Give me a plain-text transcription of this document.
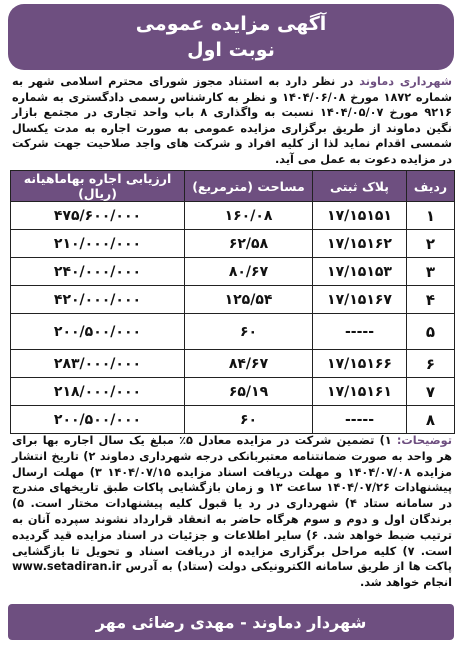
آگهی مزایده عمومی
نوبت اول
شهرداری دماوند در نظر دارد به استناد مجوز شورای محترم اسلامی شهر به شماره ۱۸۷۲ مورخ ۱۴۰۴/۰۶/۰۸ و نظر به کارشناس رسمی دادگستری به شماره ۹۲۱۶ مورخ ۱۴۰۴/۰۵/۰۷ نسبت به واگذاری ۸ باب واحد تجاری در مجتمع بازار نگین دماوند از طریق برگزاری مزایده عمومی به صورت اجاره به مدت یکسال شمسی اقدام نماید لذا از کلیه افراد و شرکت های واجد صلاحیت جهت شرکت در مزایده دعوت به عمل می آید.
ردیف	پلاک ثبتی	مساحت (مترمربع)	ارزیابی اجاره بهاماهیانه (ریال)
۱	۱۷/۱۵۱۵۱	۱۶۰/۰۸	۴۷۵/۶۰۰/۰۰۰
۲	۱۷/۱۵۱۶۲	۶۲/۵۸	۲۱۰/۰۰۰/۰۰۰
۳	۱۷/۱۵۱۵۳	۸۰/۶۷	۲۴۰/۰۰۰/۰۰۰
۴	۱۷/۱۵۱۶۷	۱۲۵/۵۴	۴۲۰/۰۰۰/۰۰۰
۵	-----	۶۰	۲۰۰/۵۰۰/۰۰۰
۶	۱۷/۱۵۱۶۶	۸۴/۶۷	۲۸۳/۰۰۰/۰۰۰
۷	۱۷/۱۵۱۶۱	۶۵/۱۹	۲۱۸/۰۰۰/۰۰۰
۸	-----	۶۰	۲۰۰/۵۰۰/۰۰۰
توضیحات: ۱) تضمین شرکت در مزایده معادل ۵٪ مبلغ یک سال اجاره بها برای هر واحد به صورت ضمانتنامه معتبربانکی درجه شهرداری دماوند ۲) تاریخ انتشار مزایده ۱۴۰۴/۰۷/۰۸ و مهلت دریافت اسناد مزایده ۱۴۰۴/۰۷/۱۵ ۳) مهلت ارسال پیشنهادات ۱۴۰۴/۰۷/۲۶ ساعت ۱۳ و زمان بازگشایی پاکات طبق تاریخهای مندرج در سامانه ستاد ۴) شهرداری در رد یا قبول کلیه پیشنهادات مختار است. ۵) برندگان اول و دوم و سوم هرگاه حاضر به انعقاد قرارداد نشوند سپرده آنان به ترتیب ضبط خواهد شد. ۶) سایر اطلاعات و جزئیات در اسناد مزایده قید گردیده است. ۷) کلیه مراحل برگزاری مزایده از دریافت اسناد و تحویل تا بازگشایی پاکت ها از طریق سامانه الکترونیکی دولت (ستاد) به آدرس www.setadiran.ir انجام خواهد شد.
شهردار دماوند - مهدی رضائی مهر
